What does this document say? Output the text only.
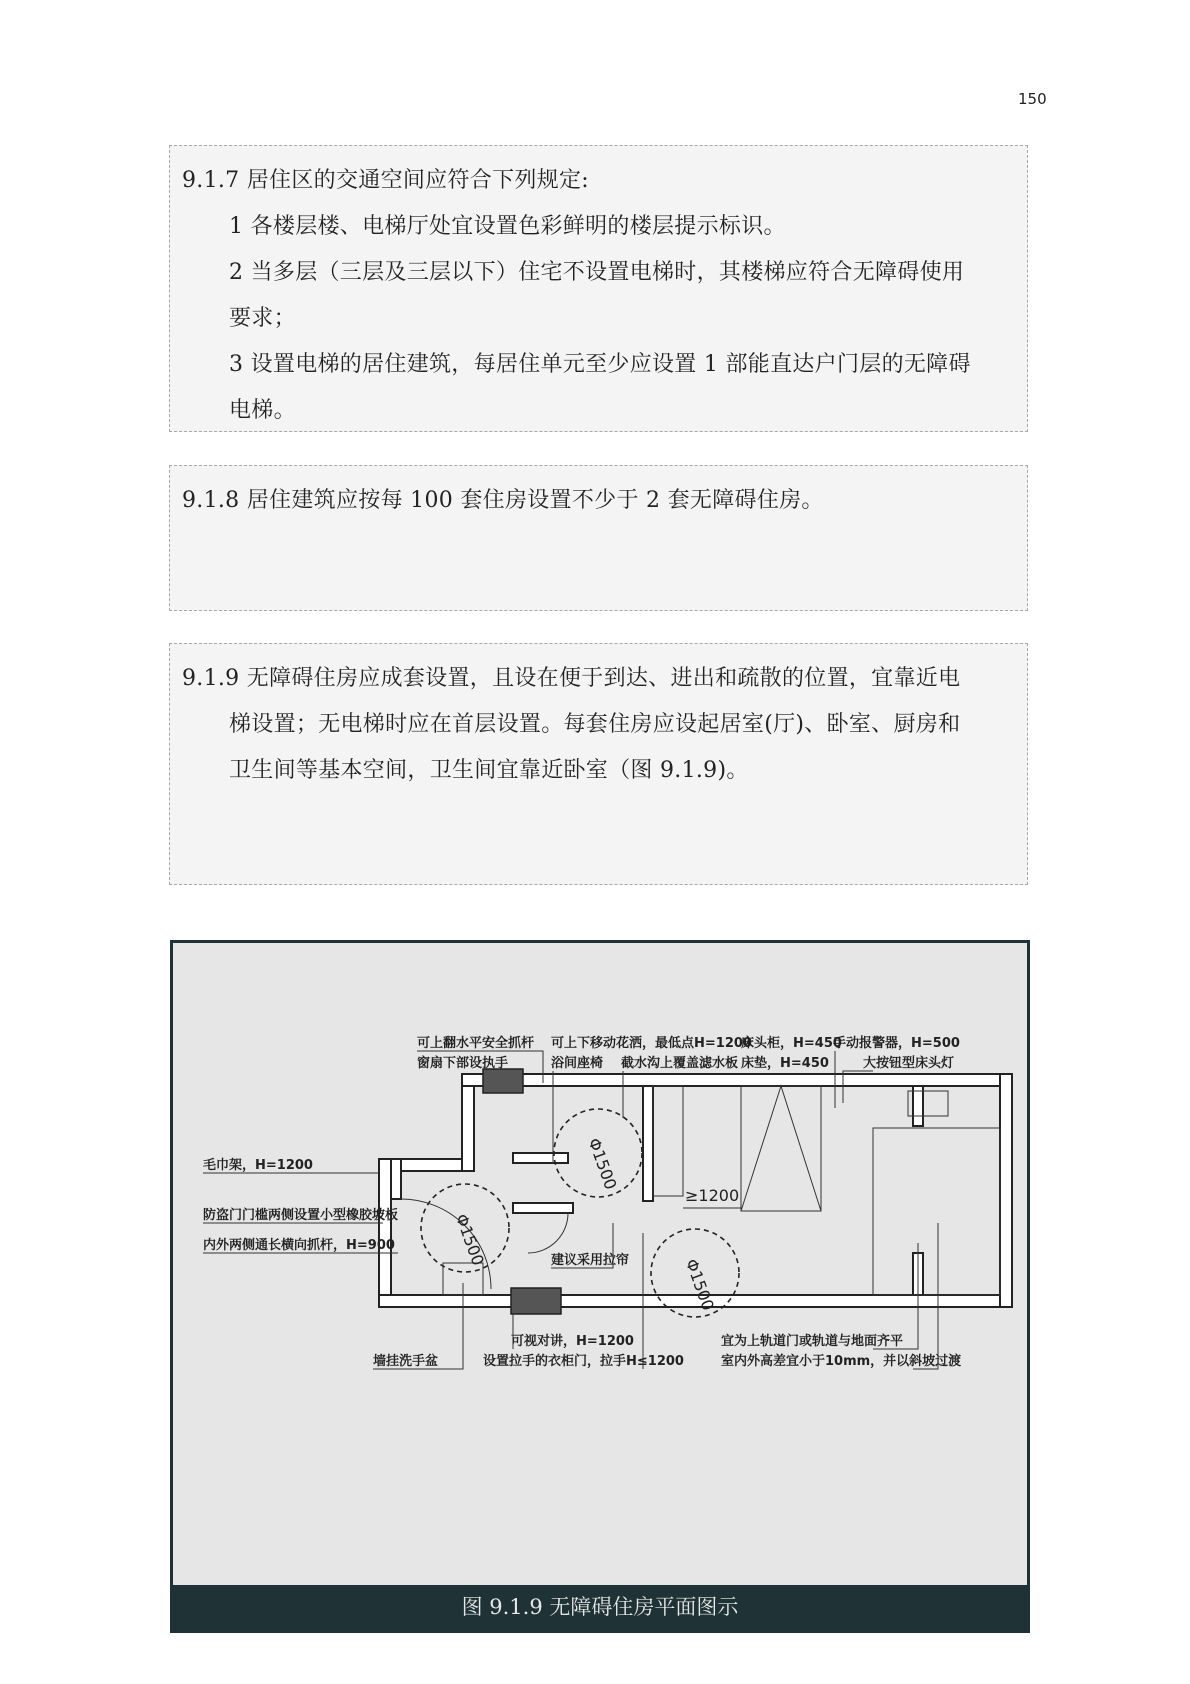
150
9.1.7 居住区的交通空间应符合下列规定:
1 各楼层楼、电梯厅处宜设置色彩鲜明的楼层提示标识。
2 当多层（三层及三层以下）住宅不设置电梯时，其楼梯应符合无障碍使用
要求；
3 设置电梯的居住建筑，每居住单元至少应设置 1 部能直达户门层的无障碍
电梯。
9.1.8 居住建筑应按每 100 套住房设置不少于 2 套无障碍住房。
9.1.9 无障碍住房应成套设置，且设在便于到达、进出和疏散的位置，宜靠近电
梯设置；无电梯时应在首层设置。每套住房应设起居室(厅)、卧室、厨房和
卫生间等基本空间，卫生间宜靠近卧室（图 9.1.9)。
Φ1500
Φ1500
Φ1500
≥1200
可上翻水平安全抓杆
窗扇下部设执手
可上下移动花洒，最低点H=1200
浴间座椅 截水沟上覆盖滤水板
床头柜，H=450
床垫，H=450
手动报警器，H=500
大按钮型床头灯
毛巾架，H=1200
防盗门门槛两侧设置小型橡胶坡板
内外两侧通长横向抓杆，H=900
建议采用拉帘
墙挂洗手盆
可视对讲，H=1200
设置拉手的衣柜门，拉手H≤1200
宜为上轨道门或轨道与地面齐平
室内外高差宜小于10mm，并以斜坡过渡
图 9.1.9 无障碍住房平面图示
